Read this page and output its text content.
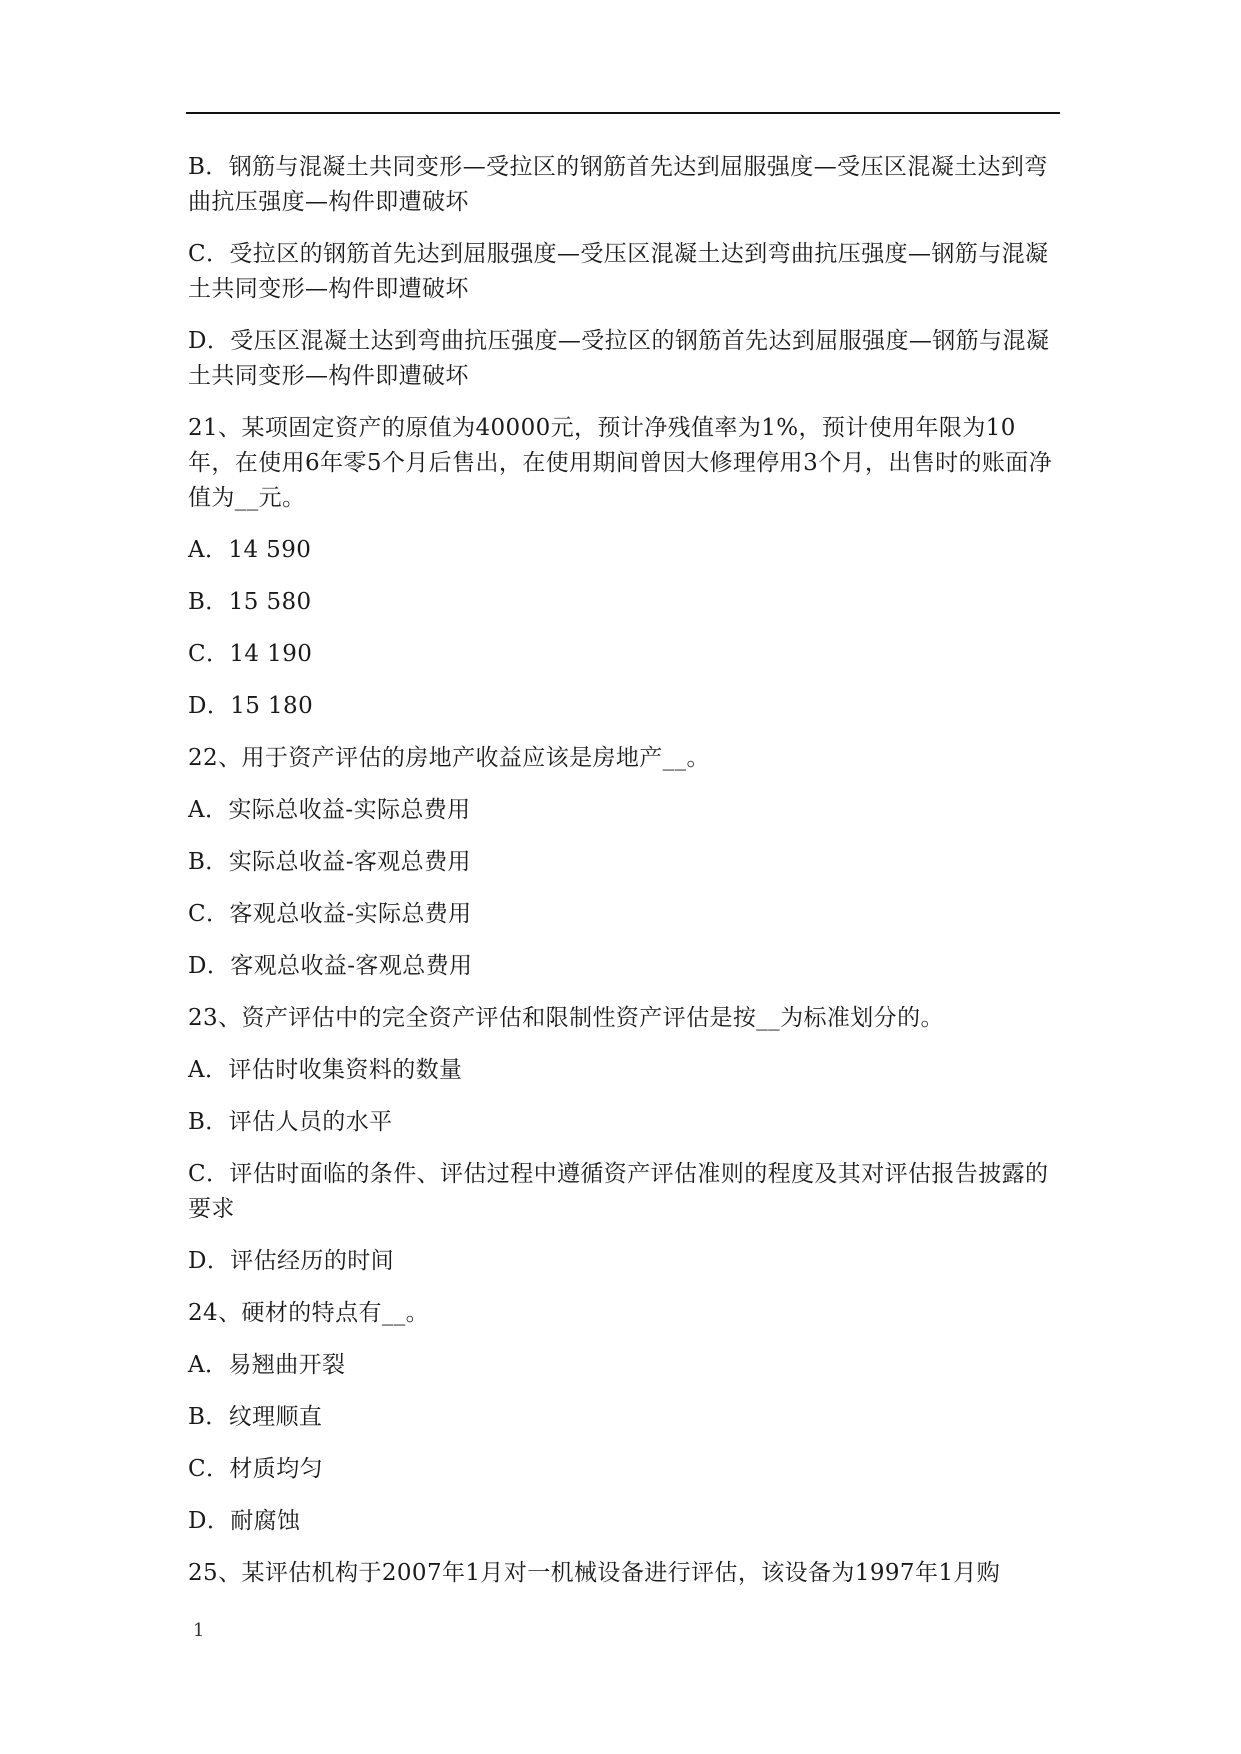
B．钢筋与混凝土共同变形—受拉区的钢筋首先达到屈服强度—受压区混凝土达到弯曲抗压强度—构件即遭破坏

C．受拉区的钢筋首先达到屈服强度—受压区混凝土达到弯曲抗压强度—钢筋与混凝土共同变形—构件即遭破坏

D．受压区混凝土达到弯曲抗压强度—受拉区的钢筋首先达到屈服强度—钢筋与混凝土共同变形—构件即遭破坏

21、某项固定资产的原值为40000元，预计净残值率为1%，预计使用年限为10年，在使用6年零5个月后售出，在使用期间曾因大修理停用3个月，出售时的账面净值为__元。

A．14 590

B．15 580

C．14 190

D．15 180

22、用于资产评估的房地产收益应该是房地产__。

A．实际总收益-实际总费用

B．实际总收益-客观总费用

C．客观总收益-实际总费用

D．客观总收益-客观总费用

23、资产评估中的完全资产评估和限制性资产评估是按__为标准划分的。

A．评估时收集资料的数量

B．评估人员的水平

C．评估时面临的条件、评估过程中遵循资产评估准则的程度及其对评估报告披露的要求

D．评估经历的时间

24、硬材的特点有__。

A．易翘曲开裂

B．纹理顺直

C．材质均匀

D．耐腐蚀

25、某评估机构于2007年1月对一机械设备进行评估，该设备为1997年1月购

1
